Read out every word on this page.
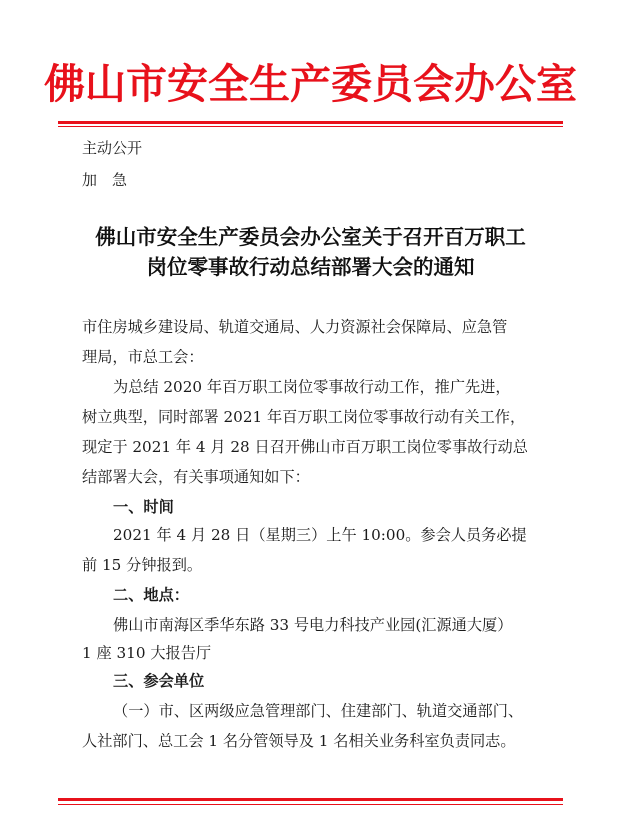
佛山市安全生产委员会办公室
主动公开
加　急
佛山市安全生产委员会办公室关于召开百万职工
岗位零事故行动总结部署大会的通知
市住房城乡建设局、轨道交通局、人力资源社会保障局、应急管
理局，市总工会：
为总结 2020 年百万职工岗位零事故行动工作，推广先进，
树立典型，同时部署 2021 年百万职工岗位零事故行动有关工作，
现定于 2021 年 4 月 28 日召开佛山市百万职工岗位零事故行动总
结部署大会，有关事项通知如下：
一、时间
2021 年 4 月 28 日（星期三）上午 10:00。参会人员务必提
前 15 分钟报到。
二、地点：
佛山市南海区季华东路 33 号电力科技产业园(汇源通大厦）
1 座 310 大报告厅
三、参会单位
（一）市、区两级应急管理部门、住建部门、轨道交通部门、
人社部门、总工会 1 名分管领导及 1 名相关业务科室负责同志。
